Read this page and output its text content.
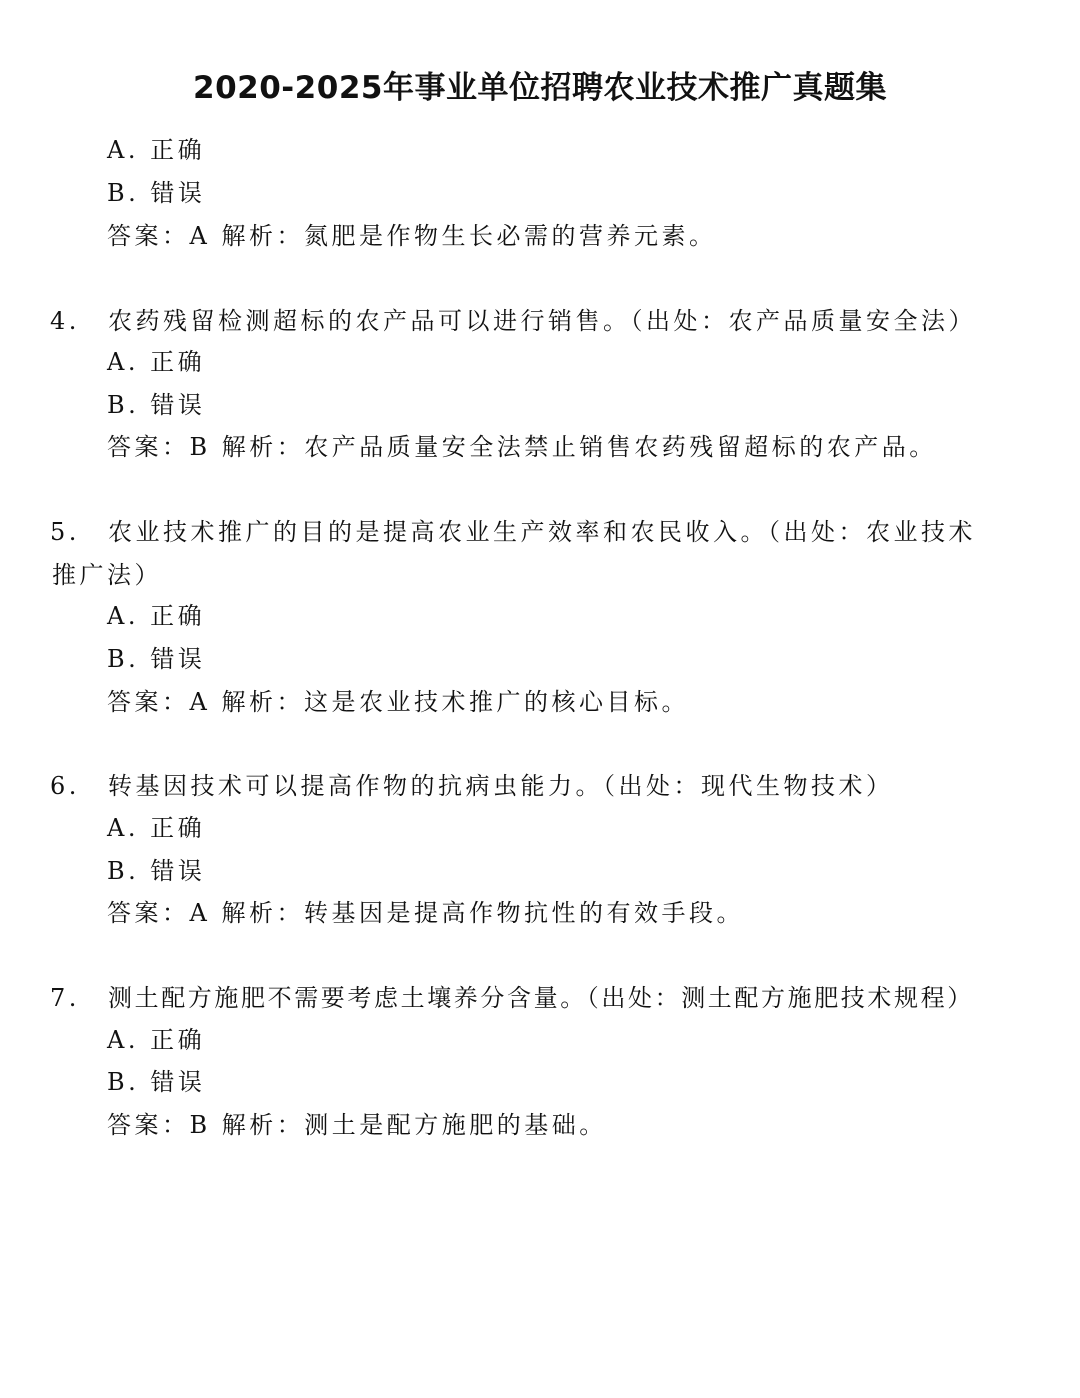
2020-2025年事业单位招聘农业技术推广真题集
A. 正确
B. 错误
答案：A 解析：氮肥是作物生长必需的营养元素。
4. 农药残留检测超标的农产品可以进行销售。（出处：农产品质量安全法）
A. 正确
B. 错误
答案：B 解析：农产品质量安全法禁止销售农药残留超标的农产品。
5. 农业技术推广的目的是提高农业生产效率和农民收入。（出处：农业技术
推广法）
A. 正确
B. 错误
答案：A 解析：这是农业技术推广的核心目标。
6. 转基因技术可以提高作物的抗病虫能力。（出处：现代生物技术）
A. 正确
B. 错误
答案：A 解析：转基因是提高作物抗性的有效手段。
7. 测土配方施肥不需要考虑土壤养分含量。（出处：测土配方施肥技术规程）
A. 正确
B. 错误
答案：B 解析：测土是配方施肥的基础。
